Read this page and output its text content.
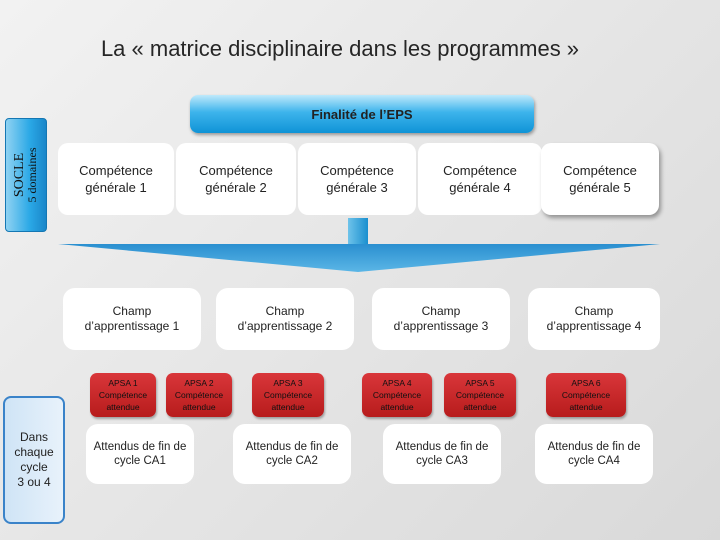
La « matrice disciplinaire dans les programmes »
SOCLE
5 domaines
Finalité de l’EPS
Compétence
générale 1
Compétence
générale 2
Compétence
générale 3
Compétence
générale 4
Compétence
générale 5
Champ
d’apprentissage 1
Champ
d’apprentissage 2
Champ
d’apprentissage 3
Champ
d’apprentissage 4
APSA 1
Compétence
attendue
APSA 2
Compétence
attendue
APSA 3
Compétence
attendue
APSA 4
Compétence
attendue
APSA 5
Compétence
attendue
APSA 6
Compétence
attendue
Attendus de fin de
cycle CA1
Attendus de fin de
cycle CA2
Attendus de fin de
cycle CA3
Attendus de fin de
cycle CA4
Dans
chaque
cycle
3 ou 4
